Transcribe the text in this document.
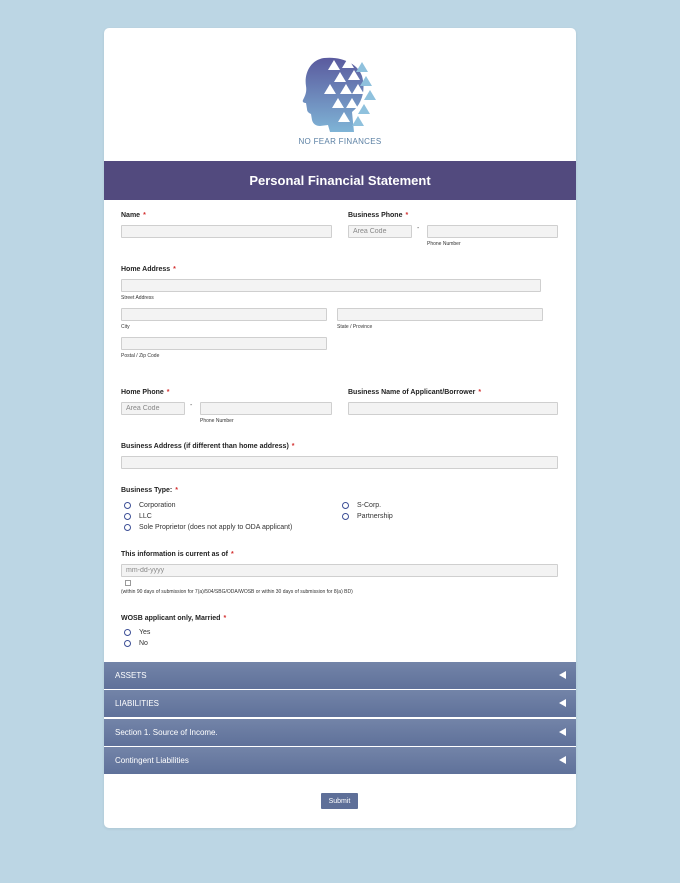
NO FEAR FINANCES
Personal Financial Statement
Name *	Business Phone *
Area Code
-
Phone Number
Home Address *
Street Address
City	State / Province
Postal / Zip Code
Home Phone *
Area Code
-
Phone Number
Business Name of Applicant/Borrower *
Business Address (if different than home address) *
Business Type: *
Corporation
LLC
Sole Proprietor (does not apply to ODA applicant)
S-Corp.
Partnership
This information is current as of *
mm-dd-yyyy
(within 90 days of submission for 7(a)/504/SBG/ODA/WOSB or within 30 days of submission for 8(a) BD)
WOSB applicant only, Married *
Yes
No
ASSETS
LIABILITIES
Section 1. Source of Income.
Contingent Liabilities
Submit
